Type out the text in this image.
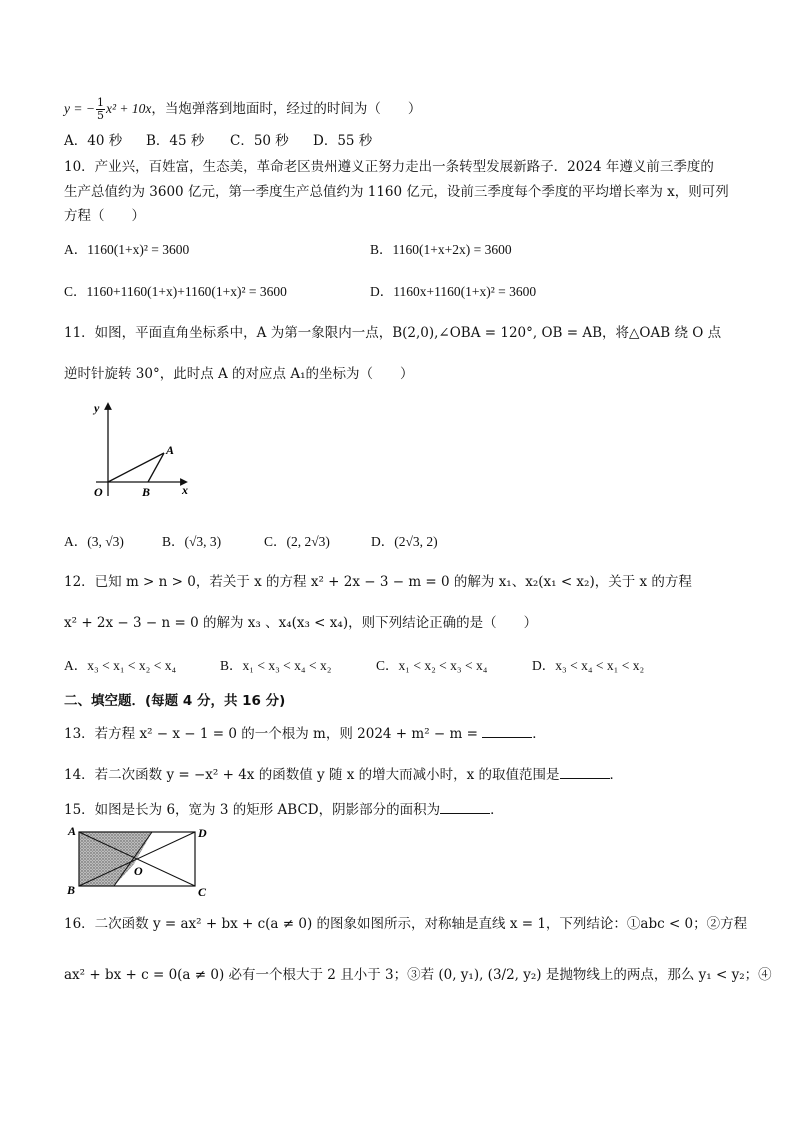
y = − $\frac{1}{5} x^2 + 10x$，当炮弹落到地面时，经过的时间为（　　）
A．40 秒 B．45 秒 C．50 秒 D．55 秒
10．产业兴，百姓富，生态美，革命老区贵州遵义正努力走出一条转型发展新路子．2024 年遵义前三季度的
生产总值约为 3600 亿元，第一季度生产总值约为 1160 亿元，设前三季度每个季度的平均增长率为 x，则可列
方程（　　）
A．1160(1+x)² = 3600	B．1160(1+x+2x) = 3600
C．1160+1160(1+x)+1160(1+x)² = 3600	D．1160x+1160(1+x)² = 3600
11．如图，平面直角坐标系中，A 为第一象限内一点，B(2,0),∠OBA = 120°, OB = AB，将△OAB 绕 O 点
逆时针旋转 30°，此时点 A 的对应点 A₁的坐标为（　　）
y
x
O
A
B
A．(3, √3)	B．(√3, 3)	C．(2, 2√3)	D．(2√3, 2)
12．已知 m > n > 0，若关于 x 的方程 x² + 2x − 3 − m = 0 的解为 x₁、x₂(x₁ < x₂)，关于 x 的方程
x² + 2x − 3 − n = 0 的解为 x₃ 、x₄(x₃ < x₄)，则下列结论正确的是（　　）
A．x₃ < x₁ < x₂ < x₄	B．x₁ < x₃ < x₄ < x₂	C．x₁ < x₂ < x₃ < x₄	D．x₃ < x₄ < x₁ < x₂
二、填空题．(每题 4 分，共 16 分)
13．若方程 x² − x − 1 = 0 的一个根为 m，则 2024 + m² − m =	．
14．若二次函数 y = −x² + 4x 的函数值 y 随 x 的增大而减小时，x 的取值范围是	．
15．如图是长为 6，宽为 3 的矩形 ABCD，阴影部分的面积为	．
A	D
B	C
O
16．二次函数 y = ax² + bx + c(a ≠ 0) 的图象如图所示，对称轴是直线 x = 1，下列结论：①abc < 0；②方程
ax² + bx + c = 0(a ≠ 0) 必有一个根大于 2 且小于 3；③若 (0, y₁), (3/2, y₂) 是抛物线上的两点，那么 y₁ < y₂；④
